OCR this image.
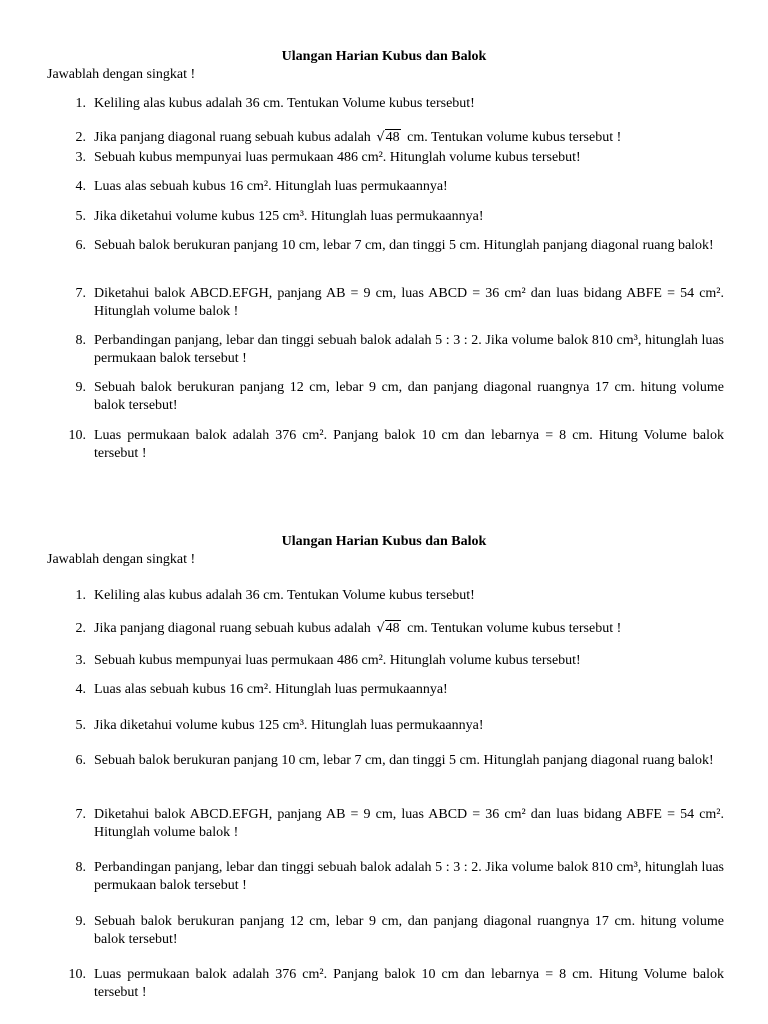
Ulangan Harian Kubus dan Balok

Jawablah dengan singkat !

1. Keliling alas kubus adalah 36 cm. Tentukan Volume kubus tersebut!
2. Jika panjang diagonal ruang sebuah kubus adalah √48 cm. Tentukan volume kubus tersebut !
3. Sebuah kubus mempunyai luas permukaan 486 cm². Hitunglah volume kubus tersebut!
4. Luas alas sebuah kubus 16 cm². Hitunglah luas permukaannya!
5. Jika diketahui volume kubus 125 cm³. Hitunglah luas permukaannya!
6. Sebuah balok berukuran panjang 10 cm, lebar 7 cm, dan tinggi 5 cm. Hitunglah panjang diagonal ruang balok!
7. Diketahui balok ABCD.EFGH, panjang AB = 9 cm, luas ABCD = 36 cm² dan luas bidang ABFE = 54 cm². Hitunglah volume balok !
8. Perbandingan panjang, lebar dan tinggi sebuah balok adalah 5 : 3 : 2. Jika volume balok 810 cm³, hitunglah luas permukaan balok tersebut !
9. Sebuah balok berukuran panjang 12 cm, lebar 9 cm, dan panjang diagonal ruangnya 17 cm. hitung volume balok tersebut!
10. Luas permukaan balok adalah 376 cm². Panjang balok 10 cm dan lebarnya = 8 cm. Hitung Volume balok tersebut !

Ulangan Harian Kubus dan Balok

Jawablah dengan singkat !

1. Keliling alas kubus adalah 36 cm. Tentukan Volume kubus tersebut!
2. Jika panjang diagonal ruang sebuah kubus adalah √48 cm. Tentukan volume kubus tersebut !
3. Sebuah kubus mempunyai luas permukaan 486 cm². Hitunglah volume kubus tersebut!
4. Luas alas sebuah kubus 16 cm². Hitunglah luas permukaannya!
5. Jika diketahui volume kubus 125 cm³. Hitunglah luas permukaannya!
6. Sebuah balok berukuran panjang 10 cm, lebar 7 cm, dan tinggi 5 cm. Hitunglah panjang diagonal ruang balok!
7. Diketahui balok ABCD.EFGH, panjang AB = 9 cm, luas ABCD = 36 cm² dan luas bidang ABFE = 54 cm². Hitunglah volume balok !
8. Perbandingan panjang, lebar dan tinggi sebuah balok adalah 5 : 3 : 2. Jika volume balok 810 cm³, hitunglah luas permukaan balok tersebut !
9. Sebuah balok berukuran panjang 12 cm, lebar 9 cm, dan panjang diagonal ruangnya 17 cm. hitung volume balok tersebut!
10. Luas permukaan balok adalah 376 cm². Panjang balok 10 cm dan lebarnya = 8 cm. Hitung Volume balok tersebut !
